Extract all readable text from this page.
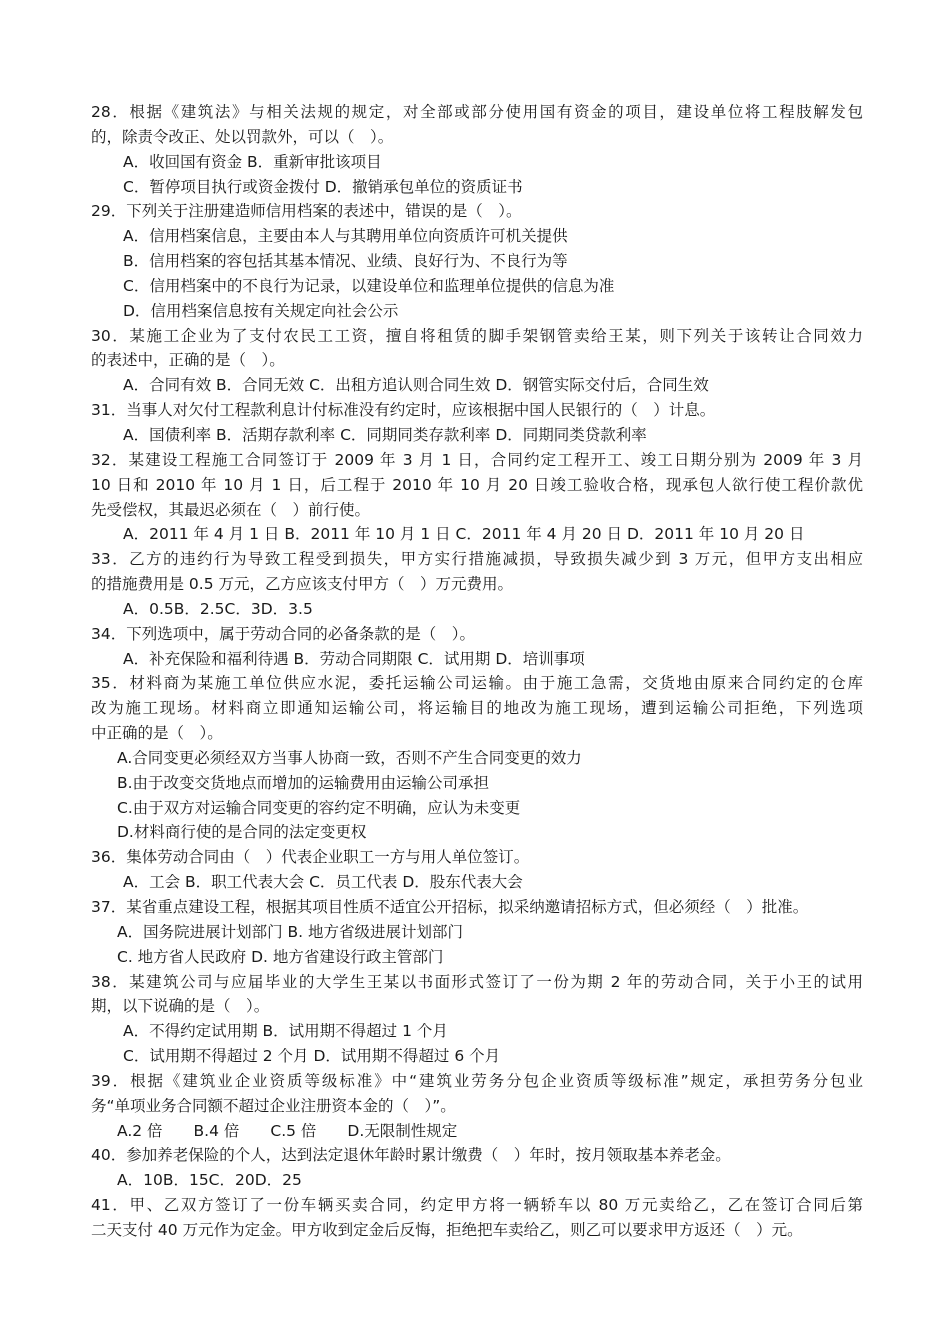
28．根据《建筑法》与相关法规的规定，对全部或部分使用国有资金的项目，建设单位将工程肢解发包
的，除责令改正、处以罚款外，可以（　）。
A．收回国有资金 B．重新审批该项目
C．暂停项目执行或资金拨付 D．撤销承包单位的资质证书
29．下列关于注册建造师信用档案的表述中，错误的是（　）。
A．信用档案信息，主要由本人与其聘用单位向资质许可机关提供
B．信用档案的容包括其基本情况、业绩、良好行为、不良行为等
C．信用档案中的不良行为记录，以建设单位和监理单位提供的信息为准
D．信用档案信息按有关规定向社会公示
30．某施工企业为了支付农民工工资，擅自将租赁的脚手架钢管卖给王某，则下列关于该转让合同效力
的表述中，正确的是（　）。
A．合同有效 B．合同无效 C．出租方追认则合同生效 D．钢管实际交付后，合同生效
31．当事人对欠付工程款利息计付标准没有约定时，应该根据中国人民银行的（　）计息。
A．国债利率 B．活期存款利率 C．同期同类存款利率 D．同期同类贷款利率
32．某建设工程施工合同签订于 2009 年 3 月 1 日，合同约定工程开工、竣工日期分别为 2009 年 3 月
10 日和 2010 年 10 月 1 日，后工程于 2010 年 10 月 20 日竣工验收合格，现承包人欲行使工程价款优
先受偿权，其最迟必须在（　）前行使。
A．2011 年 4 月 1 日 B．2011 年 10 月 1 日 C．2011 年 4 月 20 日 D．2011 年 10 月 20 日
33．乙方的违约行为导致工程受到损失，甲方实行措施减损，导致损失减少到 3 万元，但甲方支出相应
的措施费用是 0.5 万元，乙方应该支付甲方（　）万元费用。
A．0.5B．2.5C．3D．3.5
34．下列选项中，属于劳动合同的必备条款的是（　）。
A．补充保险和福利待遇 B．劳动合同期限 C．试用期 D．培训事项
35．材料商为某施工单位供应水泥，委托运输公司运输。由于施工急需，交货地由原来合同约定的仓库
改为施工现场。材料商立即通知运输公司，将运输目的地改为施工现场，遭到运输公司拒绝，下列选项
中正确的是（　）。
A.合同变更必须经双方当事人协商一致，否则不产生合同变更的效力
B.由于改变交货地点而增加的运输费用由运输公司承担
C.由于双方对运输合同变更的容约定不明确，应认为未变更
D.材料商行使的是合同的法定变更权
36．集体劳动合同由（　）代表企业职工一方与用人单位签订。
A．工会 B．职工代表大会 C．员工代表 D．股东代表大会
37．某省重点建设工程，根据其项目性质不适宜公开招标，拟采纳邀请招标方式，但必须经（　）批准。
A．国务院进展计划部门 B. 地方省级进展计划部门
C. 地方省人民政府 D. 地方省建设行政主管部门
38．某建筑公司与应届毕业的大学生王某以书面形式签订了一份为期 2 年的劳动合同，关于小王的试用
期，以下说确的是（　）。
A．不得约定试用期 B．试用期不得超过 1 个月
C．试用期不得超过 2 个月 D．试用期不得超过 6 个月
39．根据《建筑业企业资质等级标准》中“建筑业劳务分包企业资质等级标准”规定，承担劳务分包业
务“单项业务合同额不超过企业注册资本金的（　）”。
A.2 倍　　B.4 倍　　C.5 倍　　D.无限制性规定
40．参加养老保险的个人，达到法定退休年龄时累计缴费（　）年时，按月领取基本养老金。
A．10B．15C．20D．25
41．甲、乙双方签订了一份车辆买卖合同，约定甲方将一辆轿车以 80 万元卖给乙，乙在签订合同后第
二天支付 40 万元作为定金。甲方收到定金后反悔，拒绝把车卖给乙，则乙可以要求甲方返还（　）元。
